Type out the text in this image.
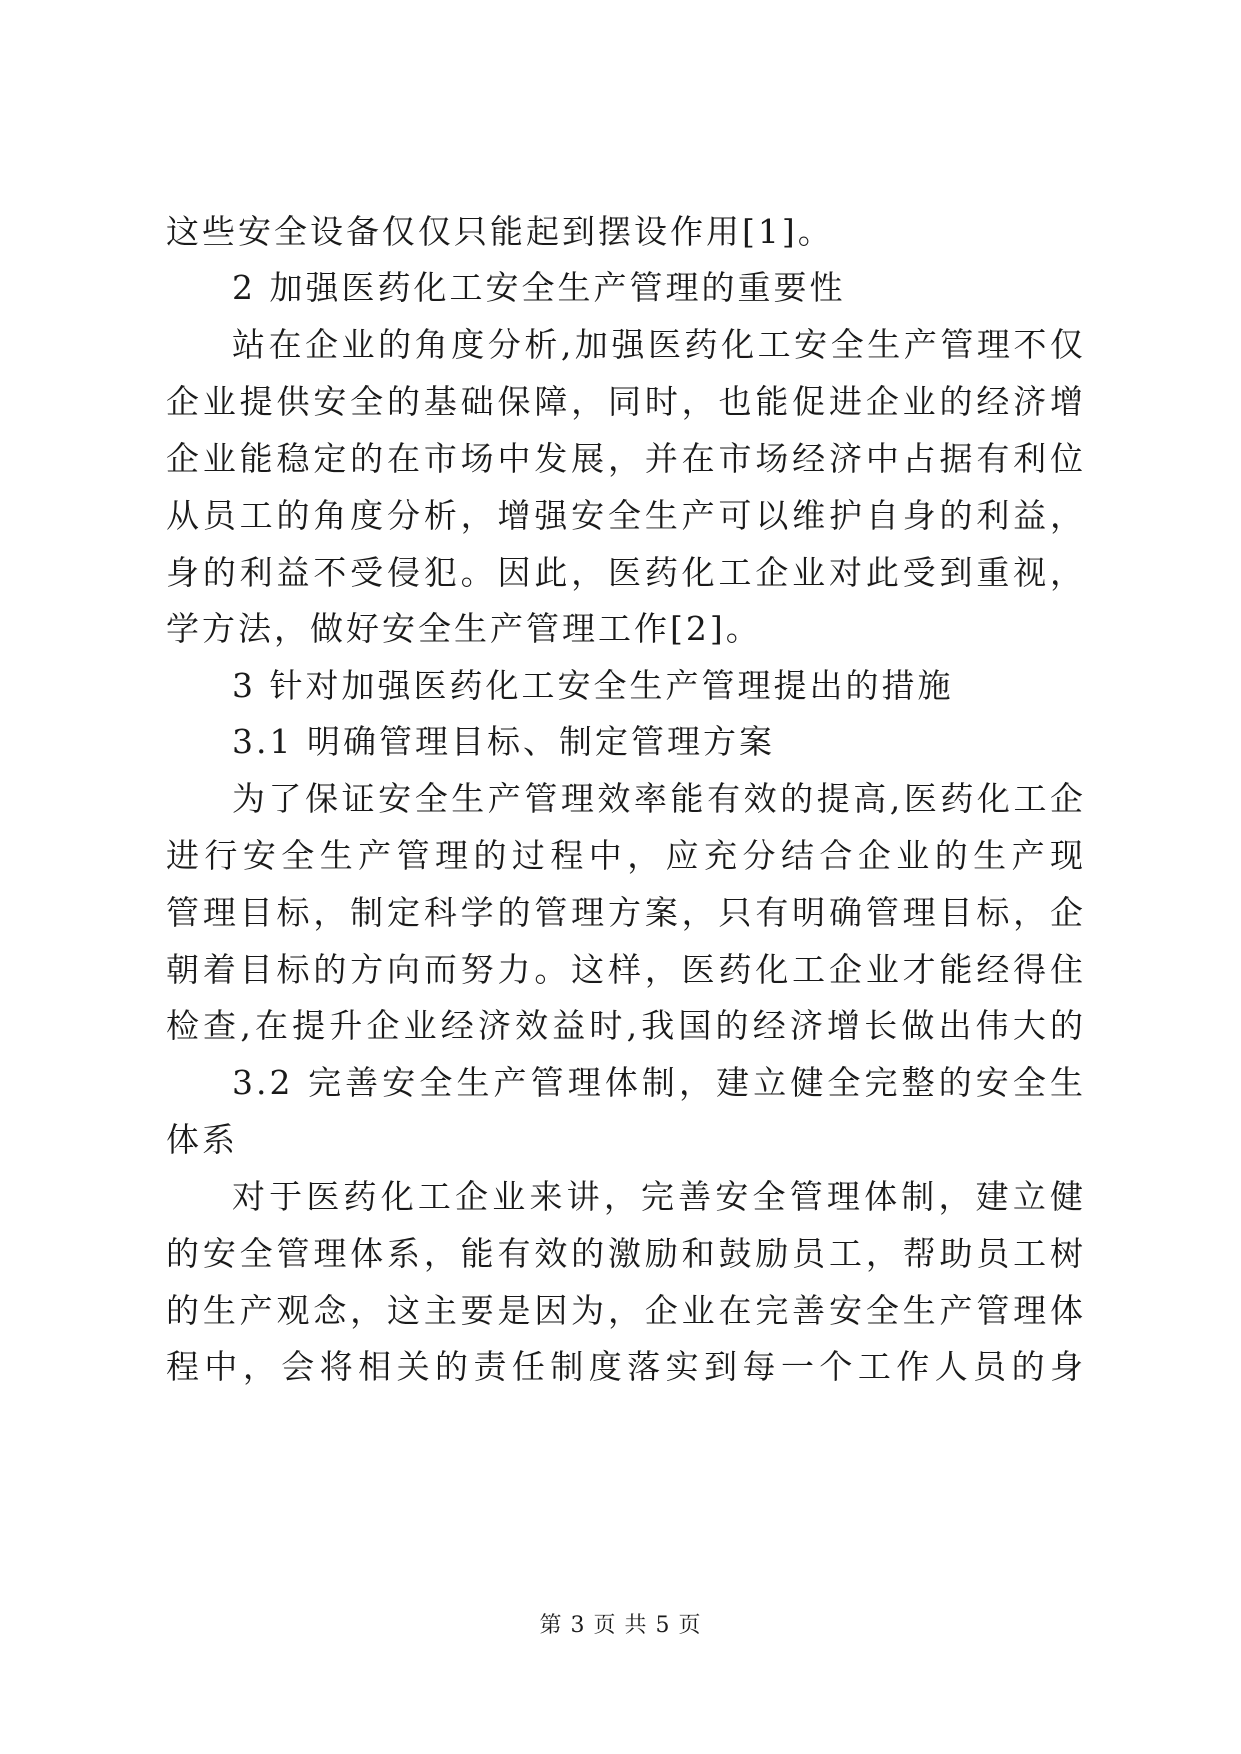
这些安全设备仅仅只能起到摆设作用[1]。
2 加强医药化工安全生产管理的重要性
站在企业的角度分析,加强医药化工安全生产管理不仅
企业提供安全的基础保障，同时，也能促进企业的经济增
企业能稳定的在市场中发展，并在市场经济中占据有利位
从员工的角度分析，增强安全生产可以维护自身的利益，
身的利益不受侵犯。因此，医药化工企业对此受到重视，
学方法，做好安全生产管理工作[2]。
3 针对加强医药化工安全生产管理提出的措施
3.1 明确管理目标、制定管理方案
为了保证安全生产管理效率能有效的提高,医药化工企
进行安全生产管理的过程中，应充分结合企业的生产现
管理目标，制定科学的管理方案，只有明确管理目标，企
朝着目标的方向而努力。这样，医药化工企业才能经得住
检查,在提升企业经济效益时,我国的经济增长做出伟大的
3.2 完善安全生产管理体制，建立健全完整的安全生
体系
对于医药化工企业来讲，完善安全管理体制，建立健
的安全管理体系，能有效的激励和鼓励员工，帮助员工树
的生产观念，这主要是因为，企业在完善安全生产管理体
程中，会将相关的责任制度落实到每一个工作人员的身
第 3 页 共 5 页
